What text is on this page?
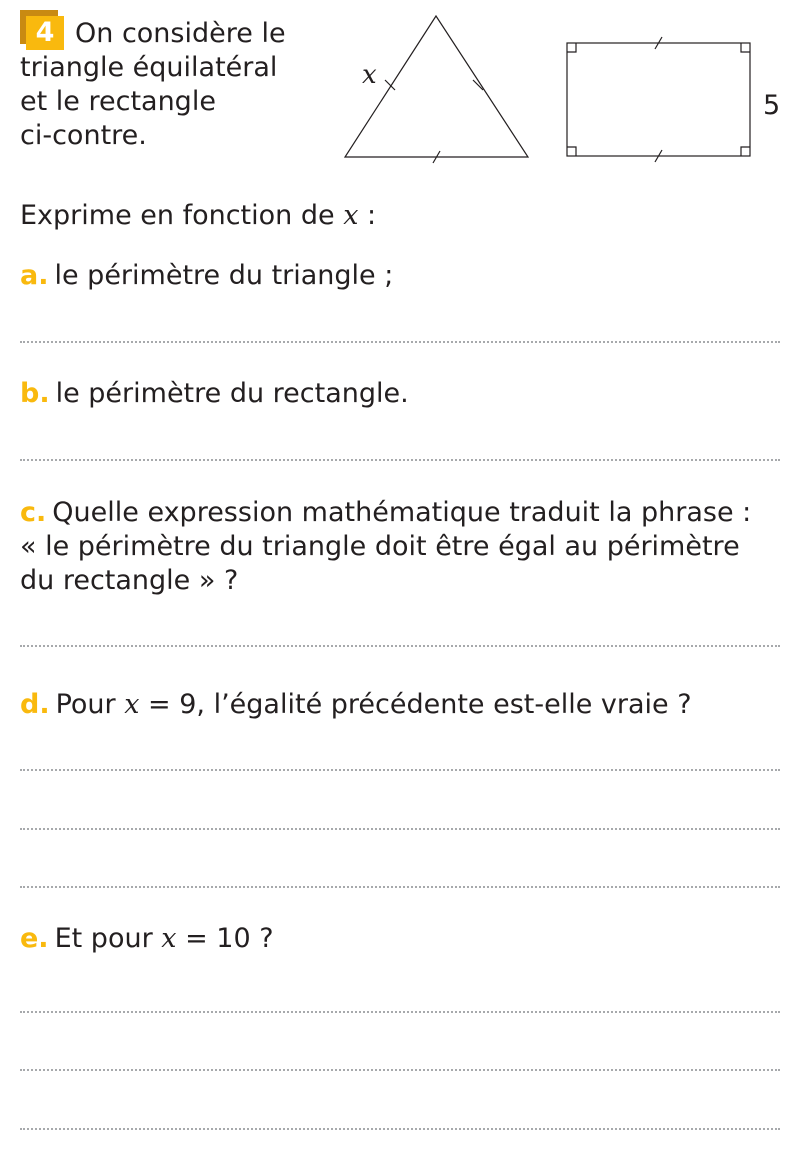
4 On considère le
triangle équilatéral
et le rectangle
ci-contre.
x
5
Exprime en fonction de x :
a. le périmètre du triangle ;
b. le périmètre du rectangle.
c. Quelle expression mathématique traduit la phrase :
« le périmètre du triangle doit être égal au périmètre
du rectangle » ?
d. Pour x = 9, l’égalité précédente est-elle vraie ?
e. Et pour x = 10 ?
